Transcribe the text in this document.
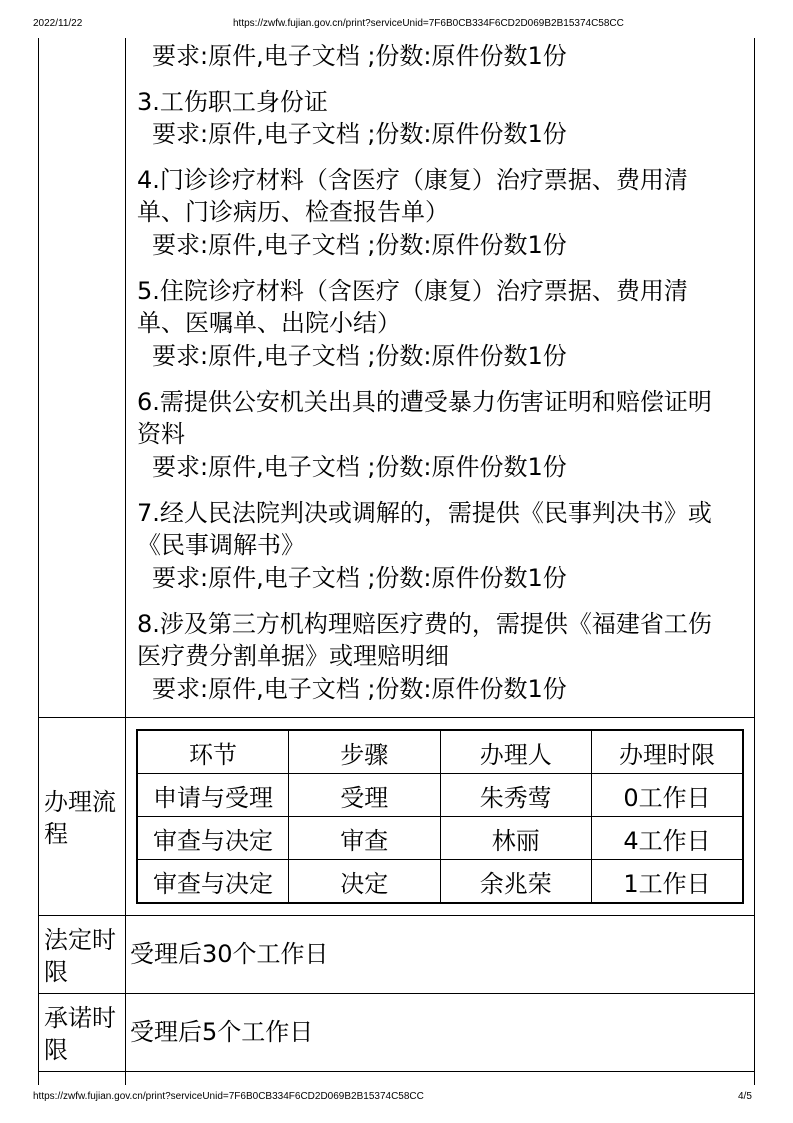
2022/11/22	https://zwfw.fujian.gov.cn/print?serviceUnid=7F6B0CB334F6CD2D069B2B15374C58CC
要求:原件,电子文档 ;份数:原件份数1份
3.工伤职工身份证
要求:原件,电子文档 ;份数:原件份数1份
4.门诊诊疗材料（含医疗（康复）治疗票据、费用清
单、门诊病历、检查报告单）
要求:原件,电子文档 ;份数:原件份数1份
5.住院诊疗材料（含医疗（康复）治疗票据、费用清
单、医嘱单、出院小结）
要求:原件,电子文档 ;份数:原件份数1份
6.需提供公安机关出具的遭受暴力伤害证明和赔偿证明
资料
要求:原件,电子文档 ;份数:原件份数1份
7.经人民法院判决或调解的，需提供《民事判决书》或
《民事调解书》
要求:原件,电子文档 ;份数:原件份数1份
8.涉及第三方机构理赔医疗费的，需提供《福建省工伤
医疗费分割单据》或理赔明细
要求:原件,电子文档 ;份数:原件份数1份
办理流程
环节	步骤	办理人	办理时限
申请与受理	受理	朱秀莺	0工作日
审查与决定	审查	林丽	4工作日
审查与决定	决定	余兆荣	1工作日
法定时限
受理后30个工作日
承诺时限
受理后5个工作日
https://zwfw.fujian.gov.cn/print?serviceUnid=7F6B0CB334F6CD2D069B2B15374C58CC	4/5
